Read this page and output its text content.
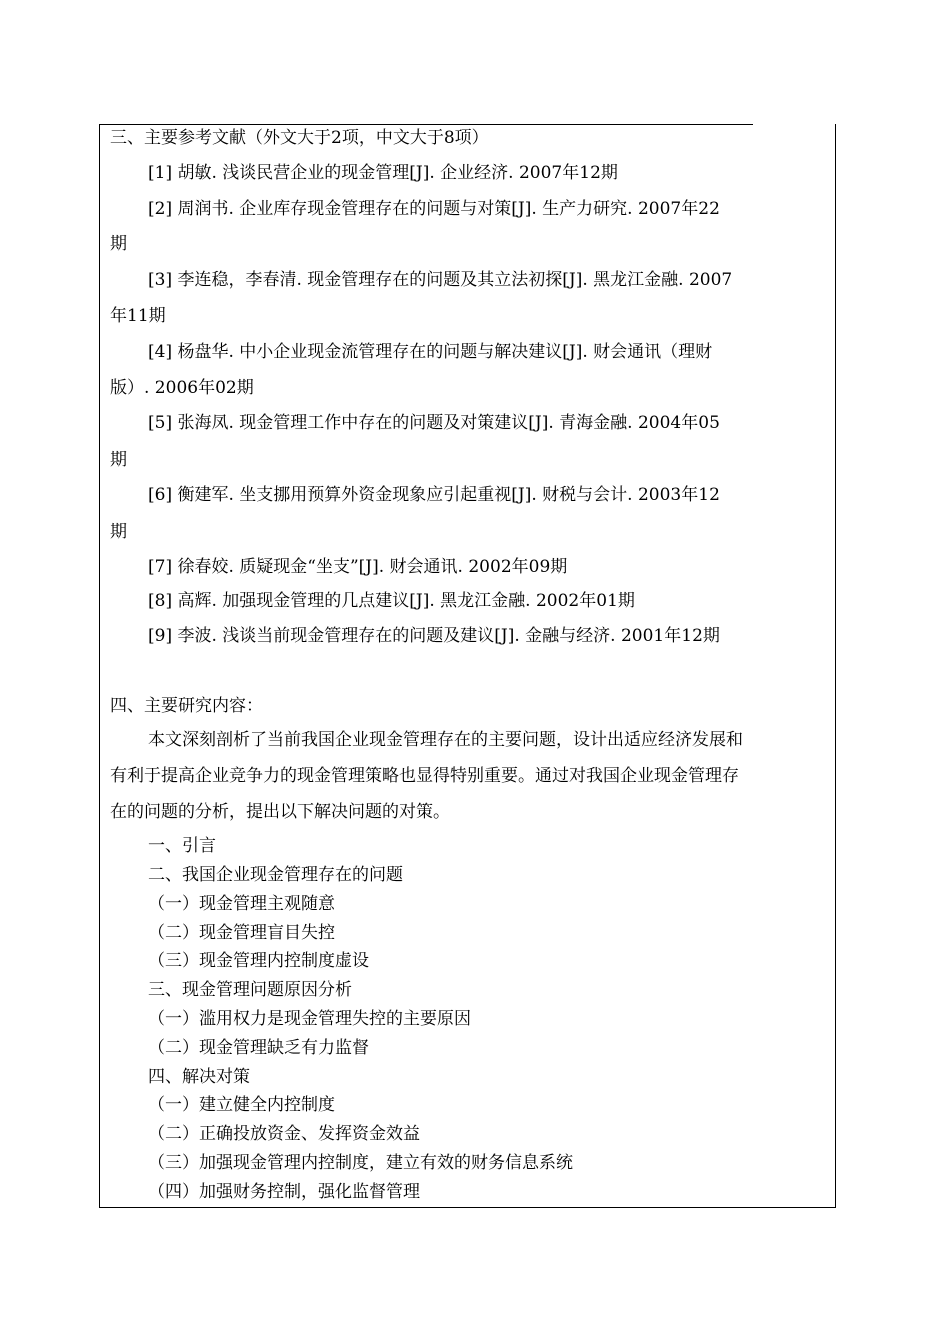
三、主要参考文献（外文大于2项，中文大于8项）
[1] 胡敏. 浅谈民营企业的现金管理[J]. 企业经济. 2007年12期
[2] 周润书. 企业库存现金管理存在的问题与对策[J]. 生产力研究. 2007年22
期
[3] 李连稳，李春清. 现金管理存在的问题及其立法初探[J]. 黑龙江金融. 2007
年11期
[4] 杨盘华. 中小企业现金流管理存在的问题与解决建议[J]. 财会通讯（理财
版）. 2006年02期
[5] 张海凤. 现金管理工作中存在的问题及对策建议[J]. 青海金融. 2004年05
期
[6] 衡建军. 坐支挪用预算外资金现象应引起重视[J]. 财税与会计. 2003年12
期
[7] 徐春姣. 质疑现金“坐支”[J]. 财会通讯. 2002年09期
[8] 高辉. 加强现金管理的几点建议[J]. 黑龙江金融. 2002年01期
[9] 李波. 浅谈当前现金管理存在的问题及建议[J]. 金融与经济. 2001年12期
四、主要研究内容：
本文深刻剖析了当前我国企业现金管理存在的主要问题，设计出适应经济发展和
有利于提高企业竞争力的现金管理策略也显得特别重要。通过对我国企业现金管理存
在的问题的分析，提出以下解决问题的对策。
一、引言
二、我国企业现金管理存在的问题
（一）现金管理主观随意
（二）现金管理盲目失控
（三）现金管理内控制度虚设
三、现金管理问题原因分析
（一）滥用权力是现金管理失控的主要原因
（二）现金管理缺乏有力监督
四、解决对策
（一）建立健全内控制度
（二）正确投放资金、发挥资金效益
（三）加强现金管理内控制度，建立有效的财务信息系统
（四）加强财务控制，强化监督管理
